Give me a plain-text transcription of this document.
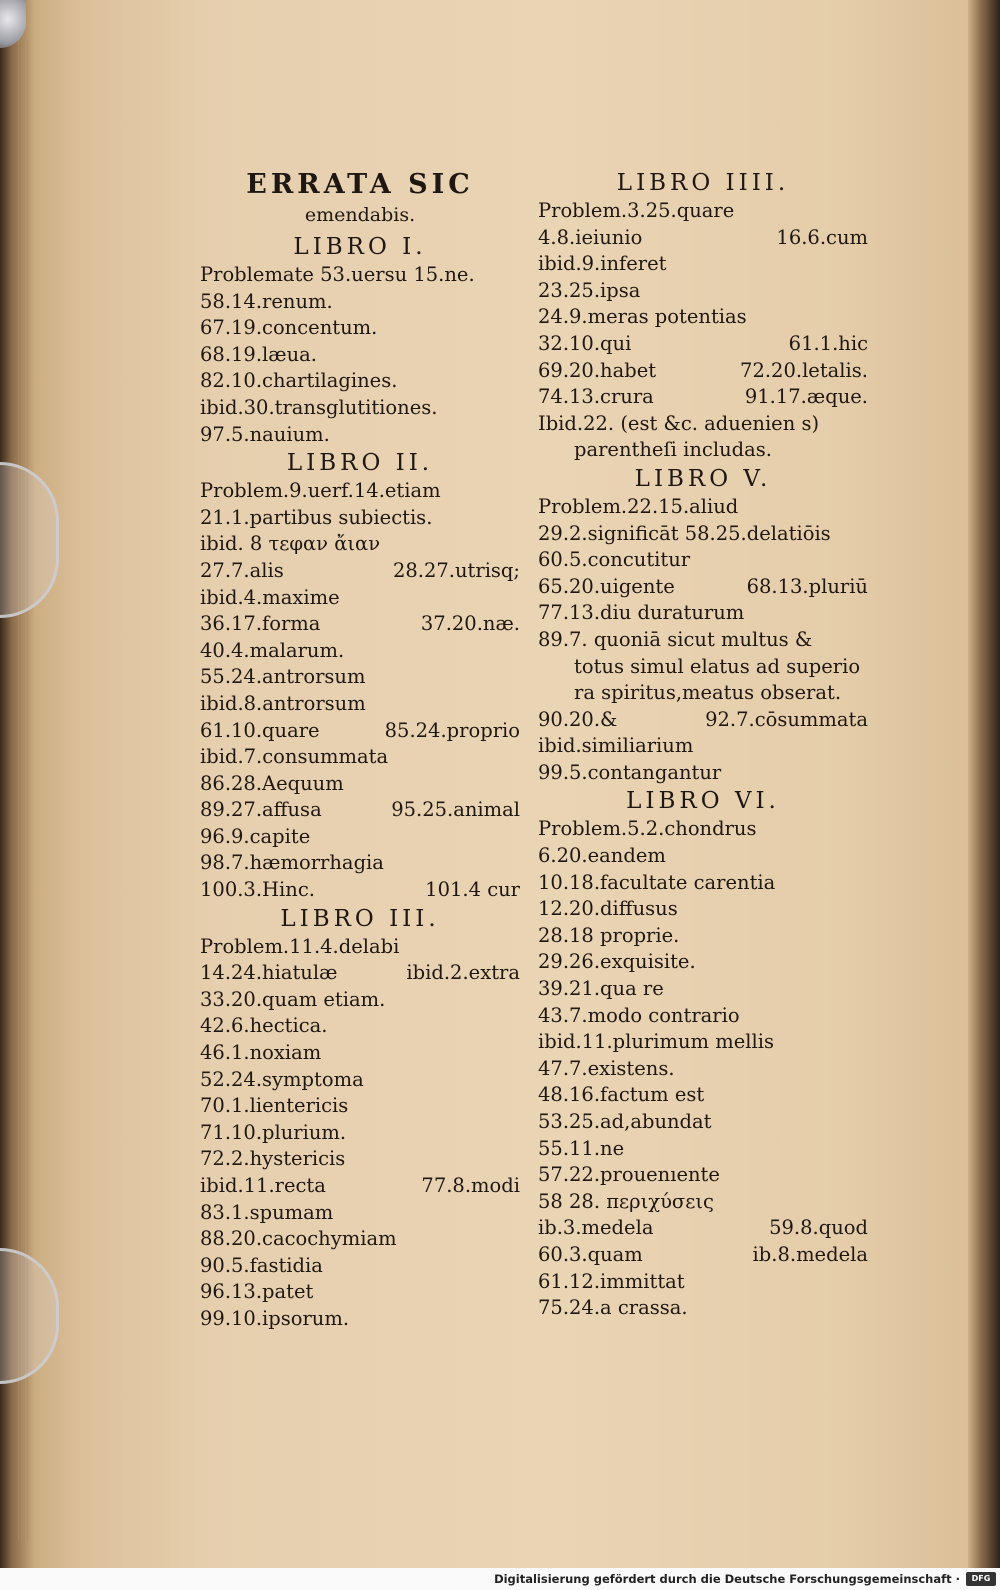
ERRATA SIC

emendabis.

LIBRO I.
Problemate 53.uersu 15.ne.
58.14.renum.
67.19.concentum.
68.19.læua.
82.10.chartilagines.
ibid.30.transglutitiones.
97.5.nauium.
LIBRO II.
Problem.9.uerf.14.etiam
21.1.partibus subiectis.
ibid. 8 τεφαν ἄιαν
27.7.alis	28.27.utrisq;
ibid.4.maxime
36.17.forma	37.20.næ.
40.4.malarum.
55.24.antrorsum
ibid.8.antrorsum
61.10.quare	85.24.proprio
ibid.7.consummata
86.28.Aequum
89.27.affusa	95.25.animal
96.9.capite
98.7.hæmorrhagia
100.3.Hinc.	101.4 cur
LIBRO III.
Problem.11.4.delabi
14.24.hiatulæ	ibid.2.extra
33.20.quam etiam.
42.6.hectica.
46.1.noxiam
52.24.symptoma
70.1.lientericis
71.10.plurium.
72.2.hystericis
ibid.11.recta	77.8.modi
83.1.spumam
88.20.cacochymiam
90.5.fastidia
96.13.patet
99.10.ipsorum.
LIBRO IIII.
Problem.3.25.quare
4.8.ieiunio	16.6.cum
ibid.9.inferet
23.25.ipsa
24.9.meras potentias
32.10.qui	61.1.hic
69.20.habet	72.20.letalis.
74.13.crura	91.17.æque.
Ibid.22. (est &c. aduenien s)
parentheſi includas.
LIBRO V.
Problem.22.15.aliud
29.2.significāt 58.25.delatiōis
60.5.concutitur
65.20.uigente	68.13.pluriū
77.13.diu duraturum
89.7. quoniā sicut multus &
totus simul elatus ad superio
ra spiritus,meatus obserat.
90.20.&	92.7.cōsummata
ibid.similiarium
99.5.contangantur
LIBRO VI.
Problem.5.2.chondrus
6.20.eandem
10.18.facultate carentia
12.20.diffusus
28.18 proprie.
29.26.exquisite.
39.21.qua re
43.7.modo contrario
ibid.11.plurimum mellis
47.7.existens.
48.16.factum est
53.25.ad,abundat
55.11.ne
57.22.prouenıente
58 28. περιχύσεις
ib.3.medela	59.8.quod
60.3.quam	ib.8.medela
61.12.immittat
75.24.a crassa.
Digitalisierung gefördert durch die Deutsche Forschungsgemeinschaft ·	DFG
